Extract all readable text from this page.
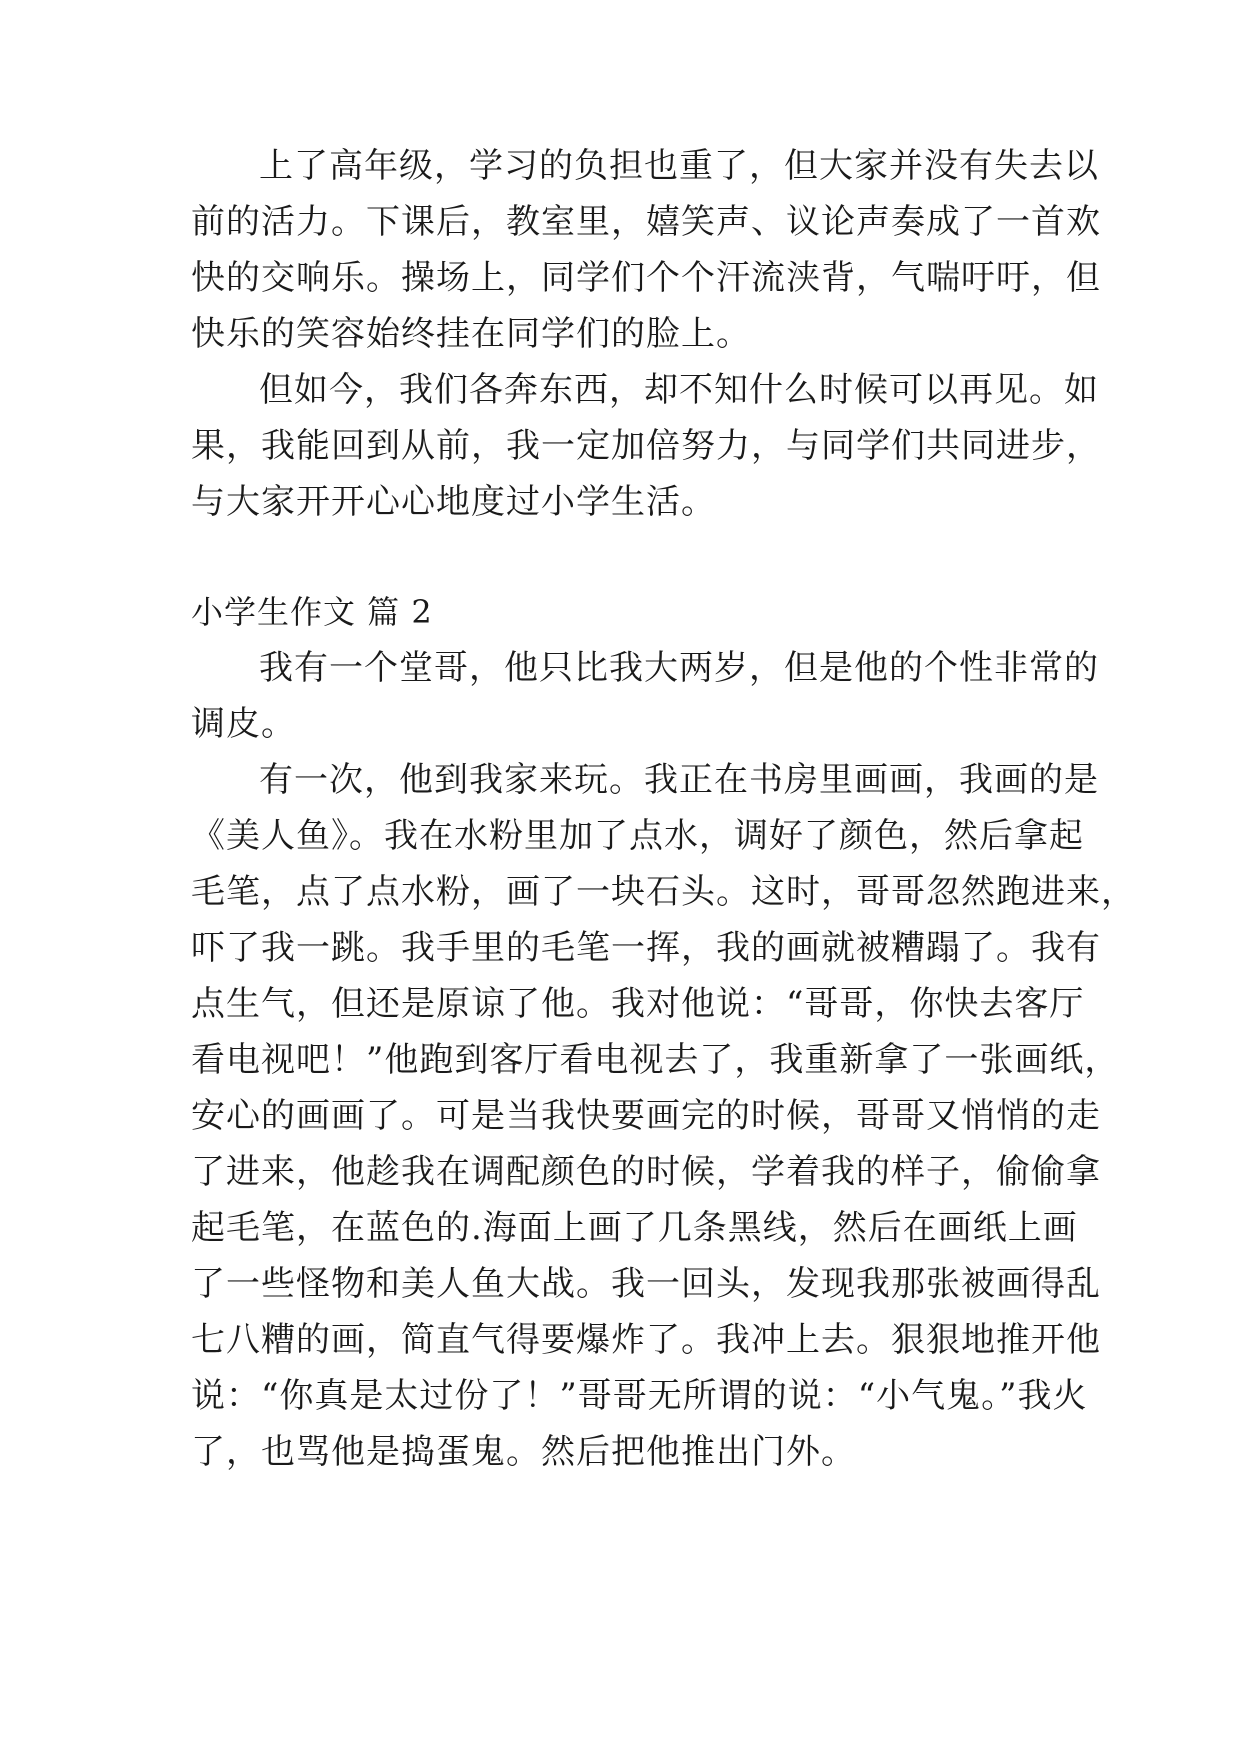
上了高年级，学习的负担也重了，但大家并没有失去以
前的活力。下课后，教室里，嬉笑声、议论声奏成了一首欢
快的交响乐。操场上，同学们个个汗流浃背，气喘吁吁，但
快乐的笑容始终挂在同学们的脸上。
但如今，我们各奔东西，却不知什么时候可以再见。如
果，我能回到从前，我一定加倍努力，与同学们共同进步，
与大家开开心心地度过小学生活。
小学生作文 篇 2
我有一个堂哥，他只比我大两岁，但是他的个性非常的
调皮。
有一次，他到我家来玩。我正在书房里画画，我画的是
《美人鱼》。我在水粉里加了点水，调好了颜色，然后拿起
毛笔，点了点水粉，画了一块石头。这时，哥哥忽然跑进来，
吓了我一跳。我手里的毛笔一挥，我的画就被糟蹋了。我有
点生气，但还是原谅了他。我对他说：“哥哥，你快去客厅
看电视吧！”他跑到客厅看电视去了，我重新拿了一张画纸，
安心的画画了。可是当我快要画完的时候，哥哥又悄悄的走
了进来，他趁我在调配颜色的时候，学着我的样子，偷偷拿
起毛笔，在蓝色的.海面上画了几条黑线，然后在画纸上画
了一些怪物和美人鱼大战。我一回头，发现我那张被画得乱
七八糟的画，简直气得要爆炸了。我冲上去。狠狠地推开他
说：“你真是太过份了！”哥哥无所谓的说：“小气鬼。”我火
了，也骂他是捣蛋鬼。然后把他推出门外。
